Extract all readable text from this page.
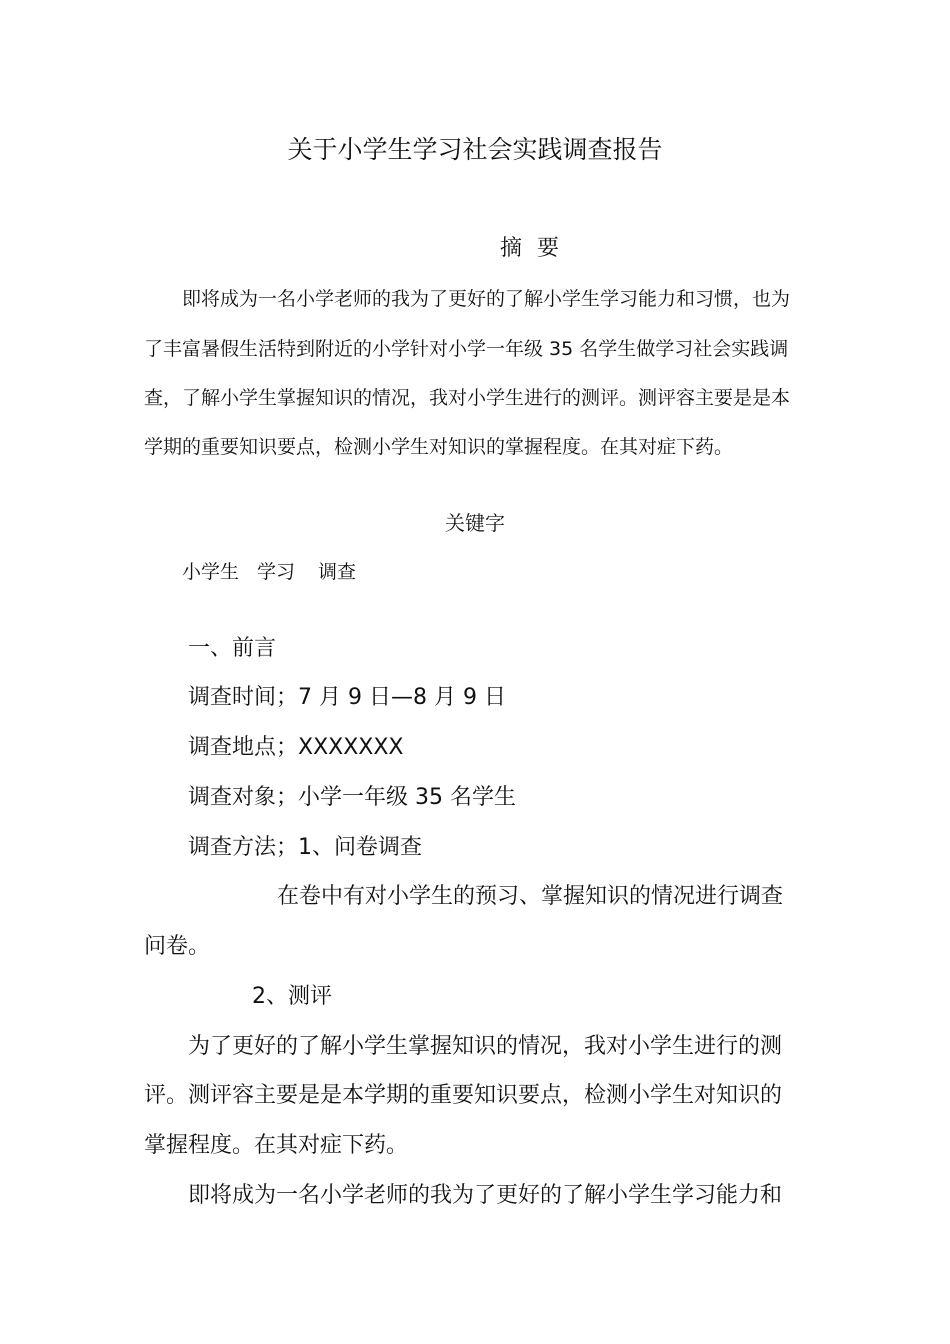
关于小学生学习社会实践调查报告
摘 要
即将成为一名小学老师的我为了更好的了解小学生学习能力和习惯，也为
了丰富暑假生活特到附近的小学针对小学一年级 35 名学生做学习社会实践调
查，了解小学生掌握知识的情况，我对小学生进行的测评。测评容主要是是本
学期的重要知识要点，检测小学生对知识的掌握程度。在其对症下药。
关键字
小学生 学习 调查
一、前言
调查时间；7 月 9 日—8 月 9 日
调查地点；XXXXXXX
调查对象；小学一年级 35 名学生
调查方法；1、问卷调查
在卷中有对小学生的预习、掌握知识的情况进行调查
问卷。
2、测评
为了更好的了解小学生掌握知识的情况，我对小学生进行的测
评。测评容主要是是本学期的重要知识要点，检测小学生对知识的
掌握程度。在其对症下药。
即将成为一名小学老师的我为了更好的了解小学生学习能力和
